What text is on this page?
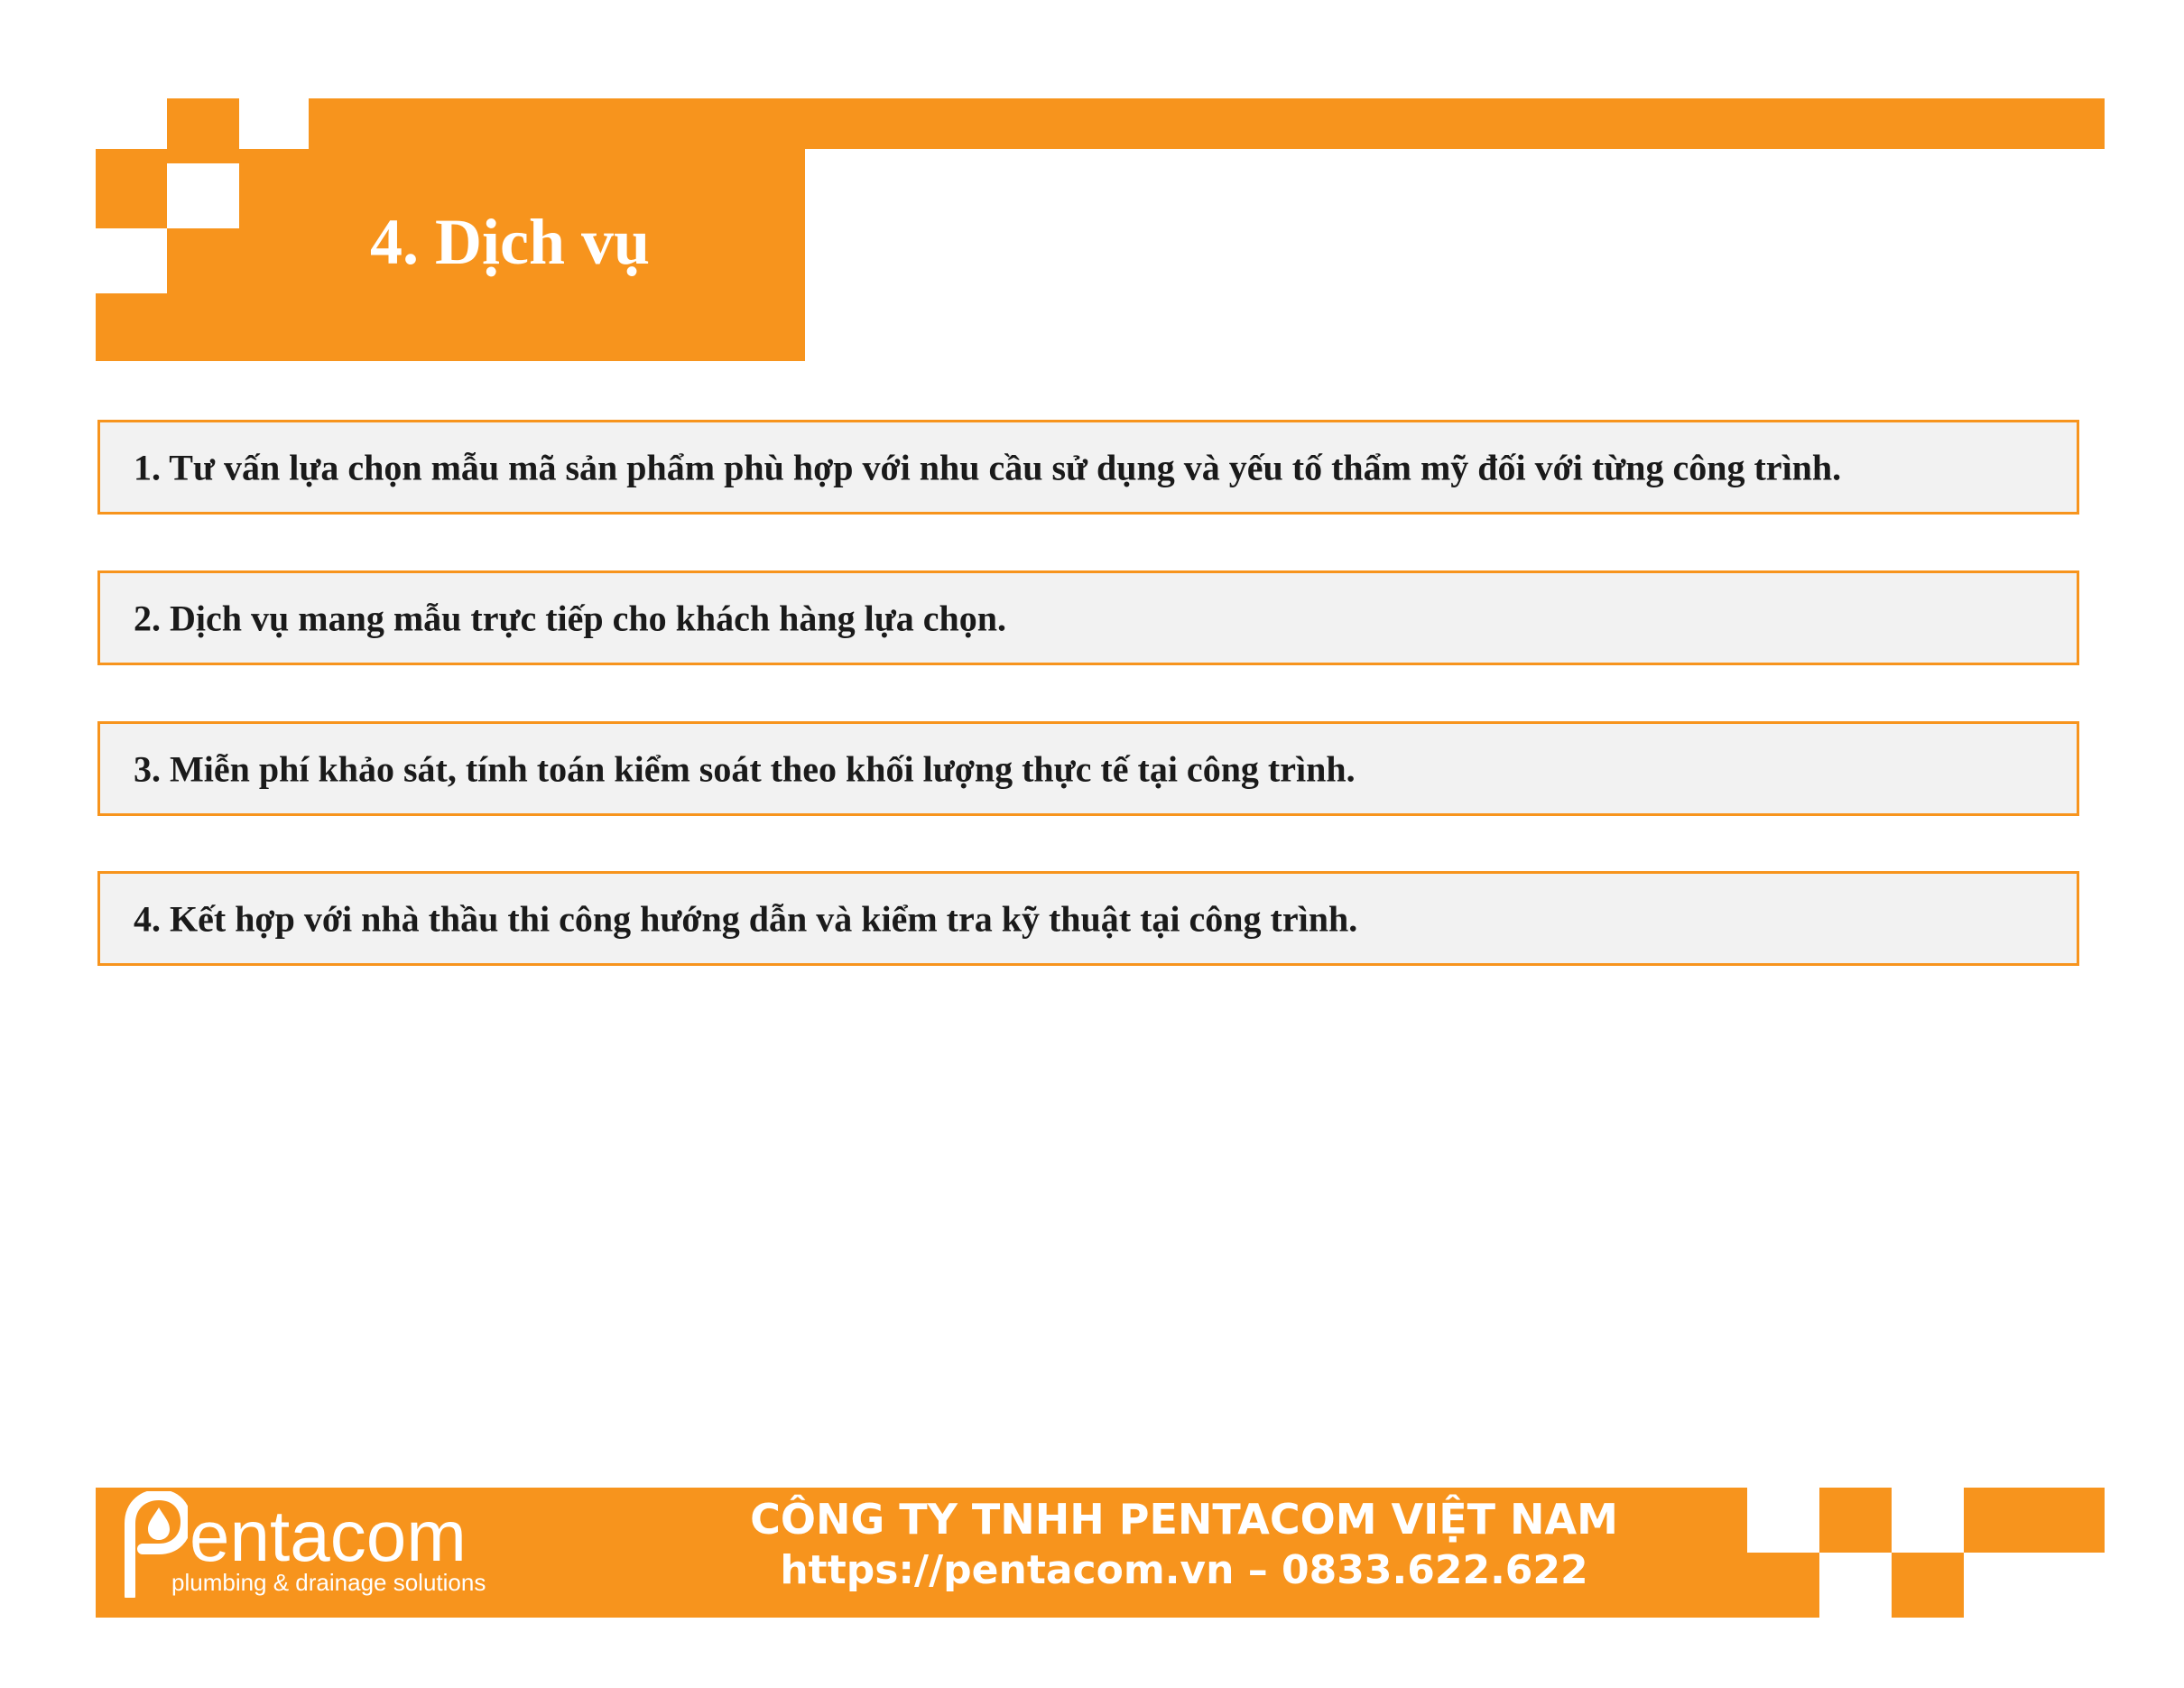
4. Dịch vụ
1. Tư vấn lựa chọn mẫu mã sản phẩm phù hợp với nhu cầu sử dụng và yếu tố thẩm mỹ đối với từng công trình.
2. Dịch vụ mang mẫu trực tiếp cho khách hàng lựa chọn.
3. Miễn phí khảo sát, tính toán kiểm soát theo khối lượng thực tế tại công trình.
4. Kết hợp với nhà thầu thi công hướng dẫn và kiểm tra kỹ thuật tại công trình.
entacom
plumbing & drainage solutions
CÔNG TY TNHH PENTACOM VIỆT NAM
https://pentacom.vn – 0833.622.622
